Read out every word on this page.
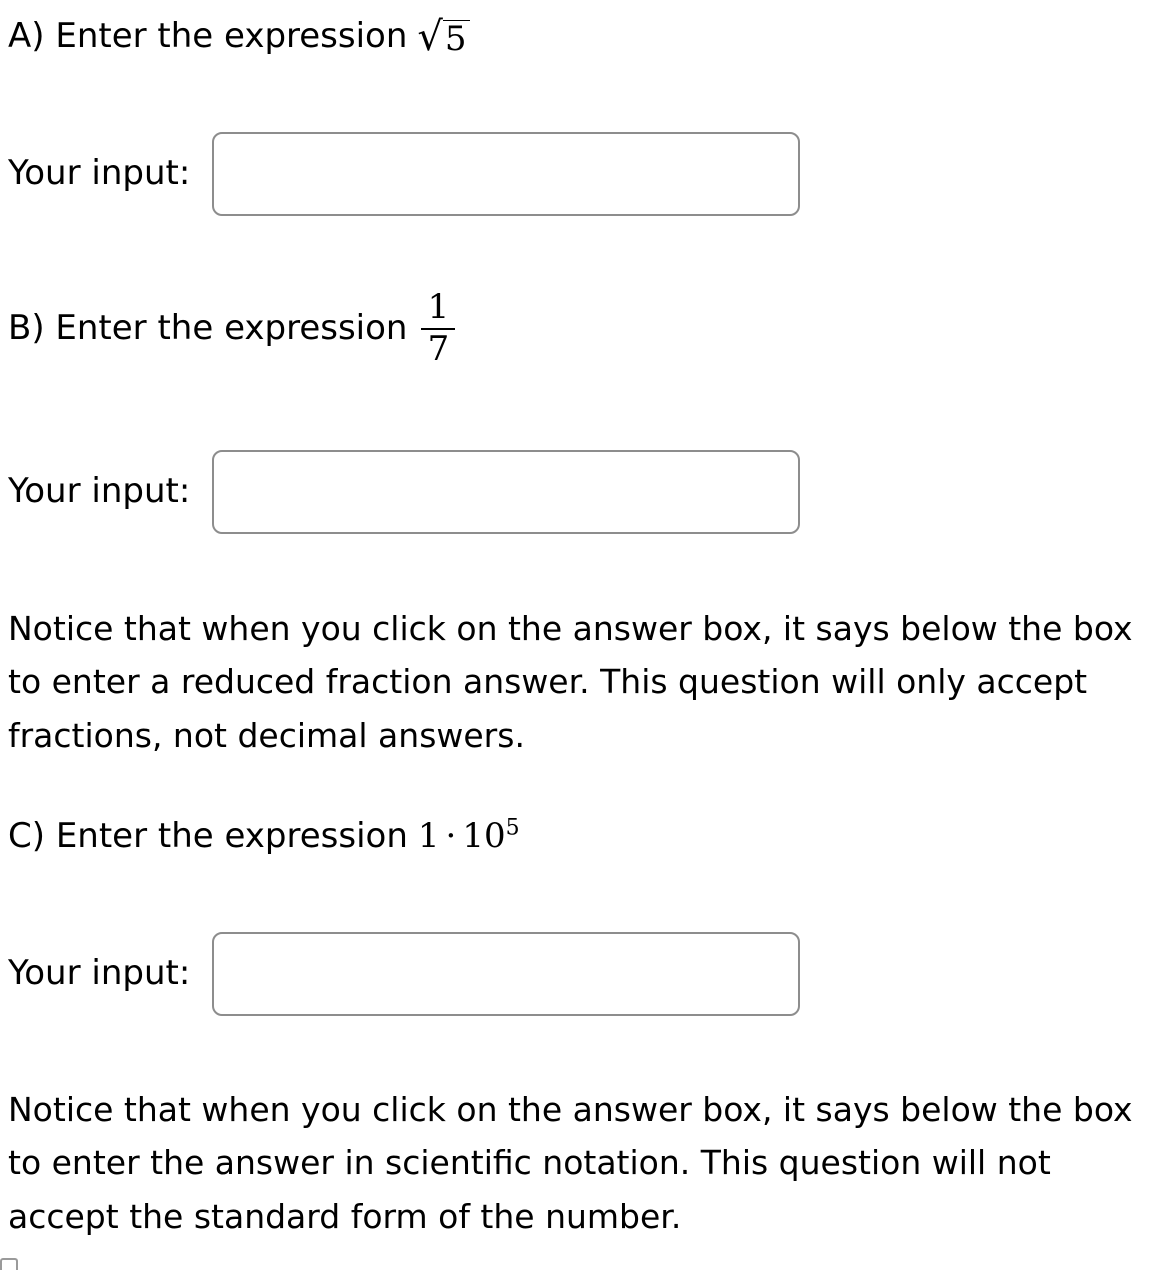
A) Enter the expression √ 5
Your input:
B) Enter the expression $\frac{1}{7}$
Your input:
Notice that when you click on the answer box, it says below the box to enter a reduced fraction answer. This question will only accept fractions, not decimal answers.
C) Enter the expression $1 \cdot 10^5$
Your input:
Notice that when you click on the answer box, it says below the box to enter the answer in scientific notation. This question will not accept the standard form of the number.
